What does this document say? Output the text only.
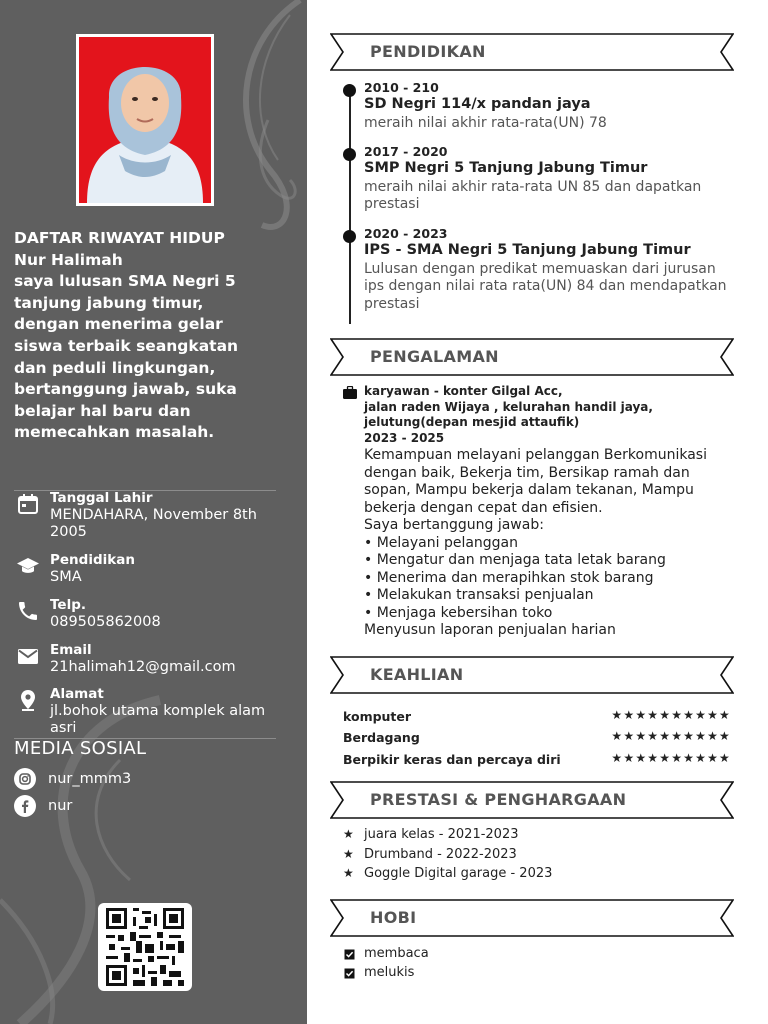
DAFTAR RIWAYAT HIDUP
Nur Halimah
saya lulusan SMA Negri 5
tanjung jabung timur,
dengan menerima gelar
siswa terbaik seangkatan
dan peduli lingkungan,
bertanggung jawab, suka
belajar hal baru dan
memecahkan masalah.
Tanggal Lahir
MENDAHARA, November 8th 2005
Pendidikan
SMA
Telp.
089505862008
Email
21halimah12@gmail.com
Alamat
jl.bohok utama komplek alam asri
MEDIA SOSIAL
nur_mmm3
nur
PENDIDIKAN
2010 - 210
SD Negri 114/x pandan jaya
meraih nilai akhir rata-rata(UN) 78
2017 - 2020
SMP Negri 5 Tanjung Jabung Timur
meraih nilai akhir rata-rata UN 85 dan dapatkan prestasi
2020 - 2023
IPS - SMA Negri 5 Tanjung Jabung Timur
Lulusan dengan predikat memuaskan dari jurusan ips dengan nilai rata rata(UN) 84 dan mendapatkan prestasi
PENGALAMAN
karyawan - konter Gilgal Acc,
jalan raden Wijaya , kelurahan handil jaya,
jelutung(depan mesjid attaufik)
2023 - 2025
Kemampuan melayani pelanggan Berkomunikasi
dengan baik, Bekerja tim, Bersikap ramah dan
sopan, Mampu bekerja dalam tekanan, Mampu
bekerja dengan cepat dan efisien.
Saya bertanggung jawab:
• Melayani pelanggan
• Mengatur dan menjaga tata letak barang
• Menerima dan merapihkan stok barang
• Melakukan transaksi penjualan
• Menjaga kebersihan toko
Menyusun laporan penjualan harian
KEAHLIAN
komputer	★★★★★★★★★★
Berdagang	★★★★★★★★★★
Berpikir keras dan percaya diri	★★★★★★★★★★
PRESTASI & PENGHARGAAN
★ juara kelas - 2021-2023
★ Drumband - 2022-2023
★ Goggle Digital garage - 2023
HOBI
membaca
melukis
